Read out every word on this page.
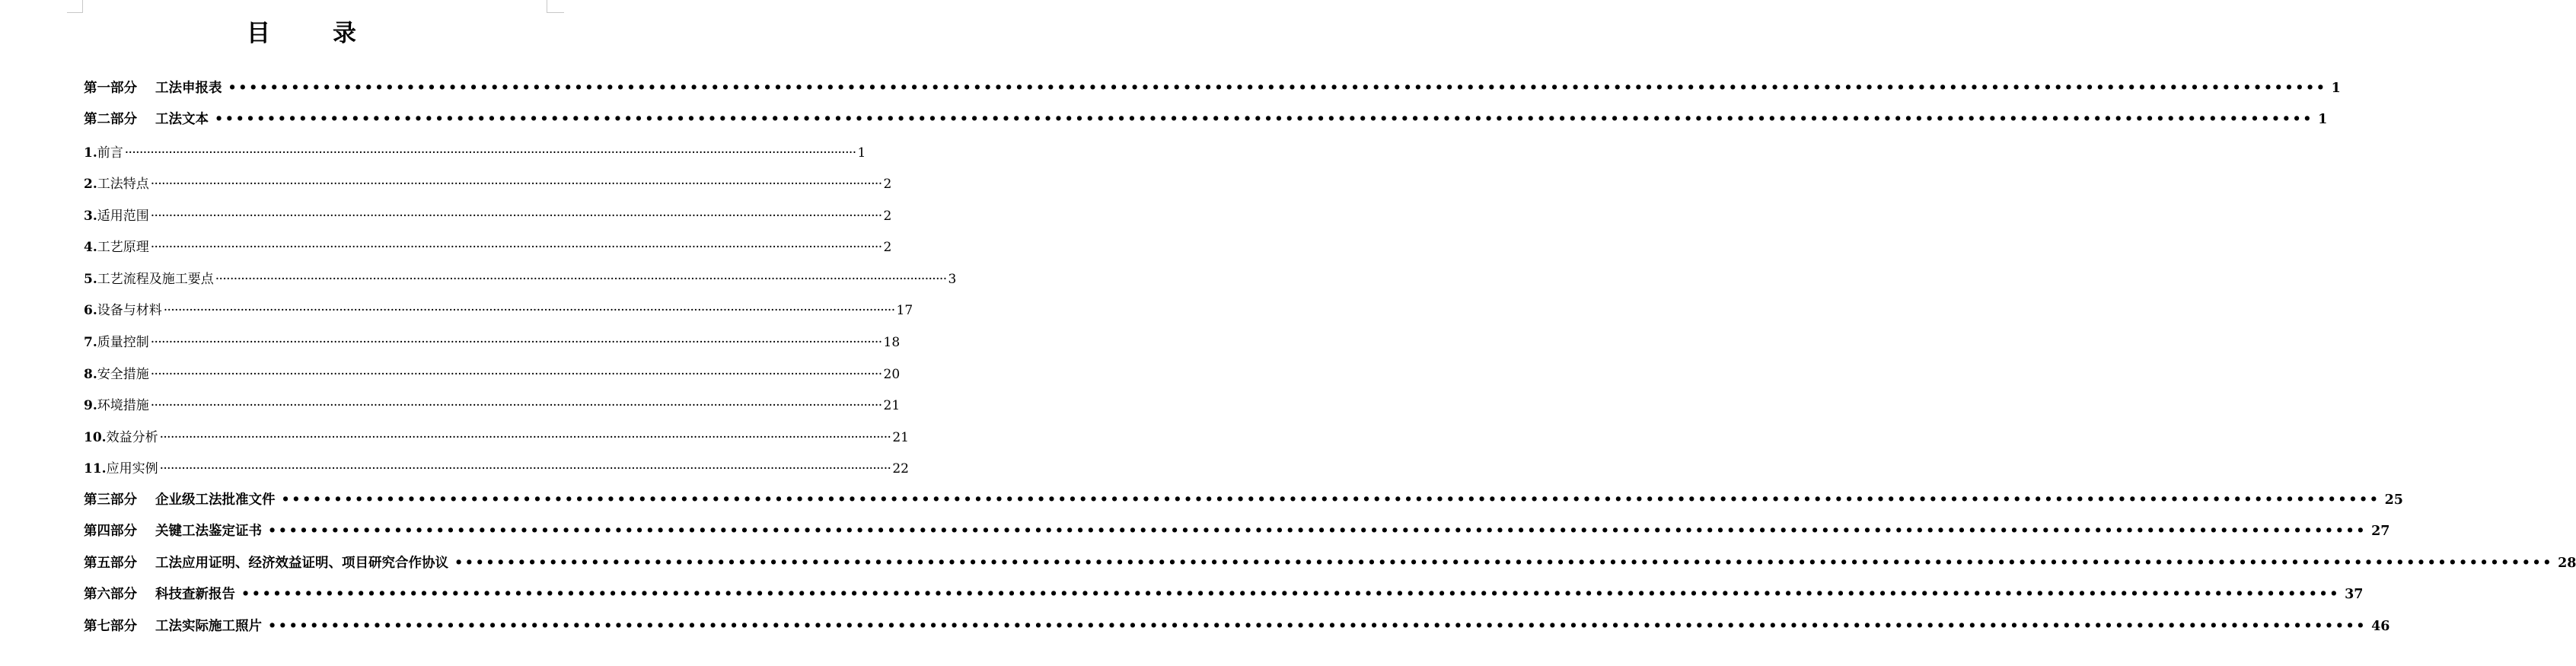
目	录
第一部分 工法申报表 •••••••••••••••••••••••••••••••••••••••••••••••••••••••••••••••••••••••••••••••••••••••••••••••••••••••••••••••••••••••••••••••••••••••••••••••••••••••••••••••••••••••••••••••••••••••••••••••••••••••• 1
第二部分 工法文本 •••••••••••••••••••••••••••••••••••••••••••••••••••••••••••••••••••••••••••••••••••••••••••••••••••••••••••••••••••••••••••••••••••••••••••••••••••••••••••••••••••••••••••••••••••••••••••••••••••••••• 1
1.前言 ········································································································································································································ 1
2.工法特点 ········································································································································································································ 2
3.适用范围 ········································································································································································································ 2
4.工艺原理 ········································································································································································································ 2
5.工艺流程及施工要点 ········································································································································································································ 3
6.设备与材料 ········································································································································································································ 17
7.质量控制 ········································································································································································································ 18
8.安全措施 ········································································································································································································ 20
9.环境措施 ········································································································································································································ 21
10.效益分析 ········································································································································································································ 21
11.应用实例 ········································································································································································································ 22
第三部分 企业级工法批准文件 •••••••••••••••••••••••••••••••••••••••••••••••••••••••••••••••••••••••••••••••••••••••••••••••••••••••••••••••••••••••••••••••••••••••••••••••••••••••••••••••••••••••••••••••••••••••••••••••••••••••• 25
第四部分 关键工法鉴定证书 •••••••••••••••••••••••••••••••••••••••••••••••••••••••••••••••••••••••••••••••••••••••••••••••••••••••••••••••••••••••••••••••••••••••••••••••••••••••••••••••••••••••••••••••••••••••••••••••••••••••• 27
第五部分 工法应用证明、经济效益证明、项目研究合作协议 •••••••••••••••••••••••••••••••••••••••••••••••••••••••••••••••••••••••••••••••••••••••••••••••••••••••••••••••••••••••••••••••••••••••••••••••••••••••••••••••••••••••••••••••••••••••••••••••••••••••• 28
第六部分 科技查新报告 •••••••••••••••••••••••••••••••••••••••••••••••••••••••••••••••••••••••••••••••••••••••••••••••••••••••••••••••••••••••••••••••••••••••••••••••••••••••••••••••••••••••••••••••••••••••••••••••••••••••• 37
第七部分 工法实际施工照片 •••••••••••••••••••••••••••••••••••••••••••••••••••••••••••••••••••••••••••••••••••••••••••••••••••••••••••••••••••••••••••••••••••••••••••••••••••••••••••••••••••••••••••••••••••••••••••••••••••••••• 46
